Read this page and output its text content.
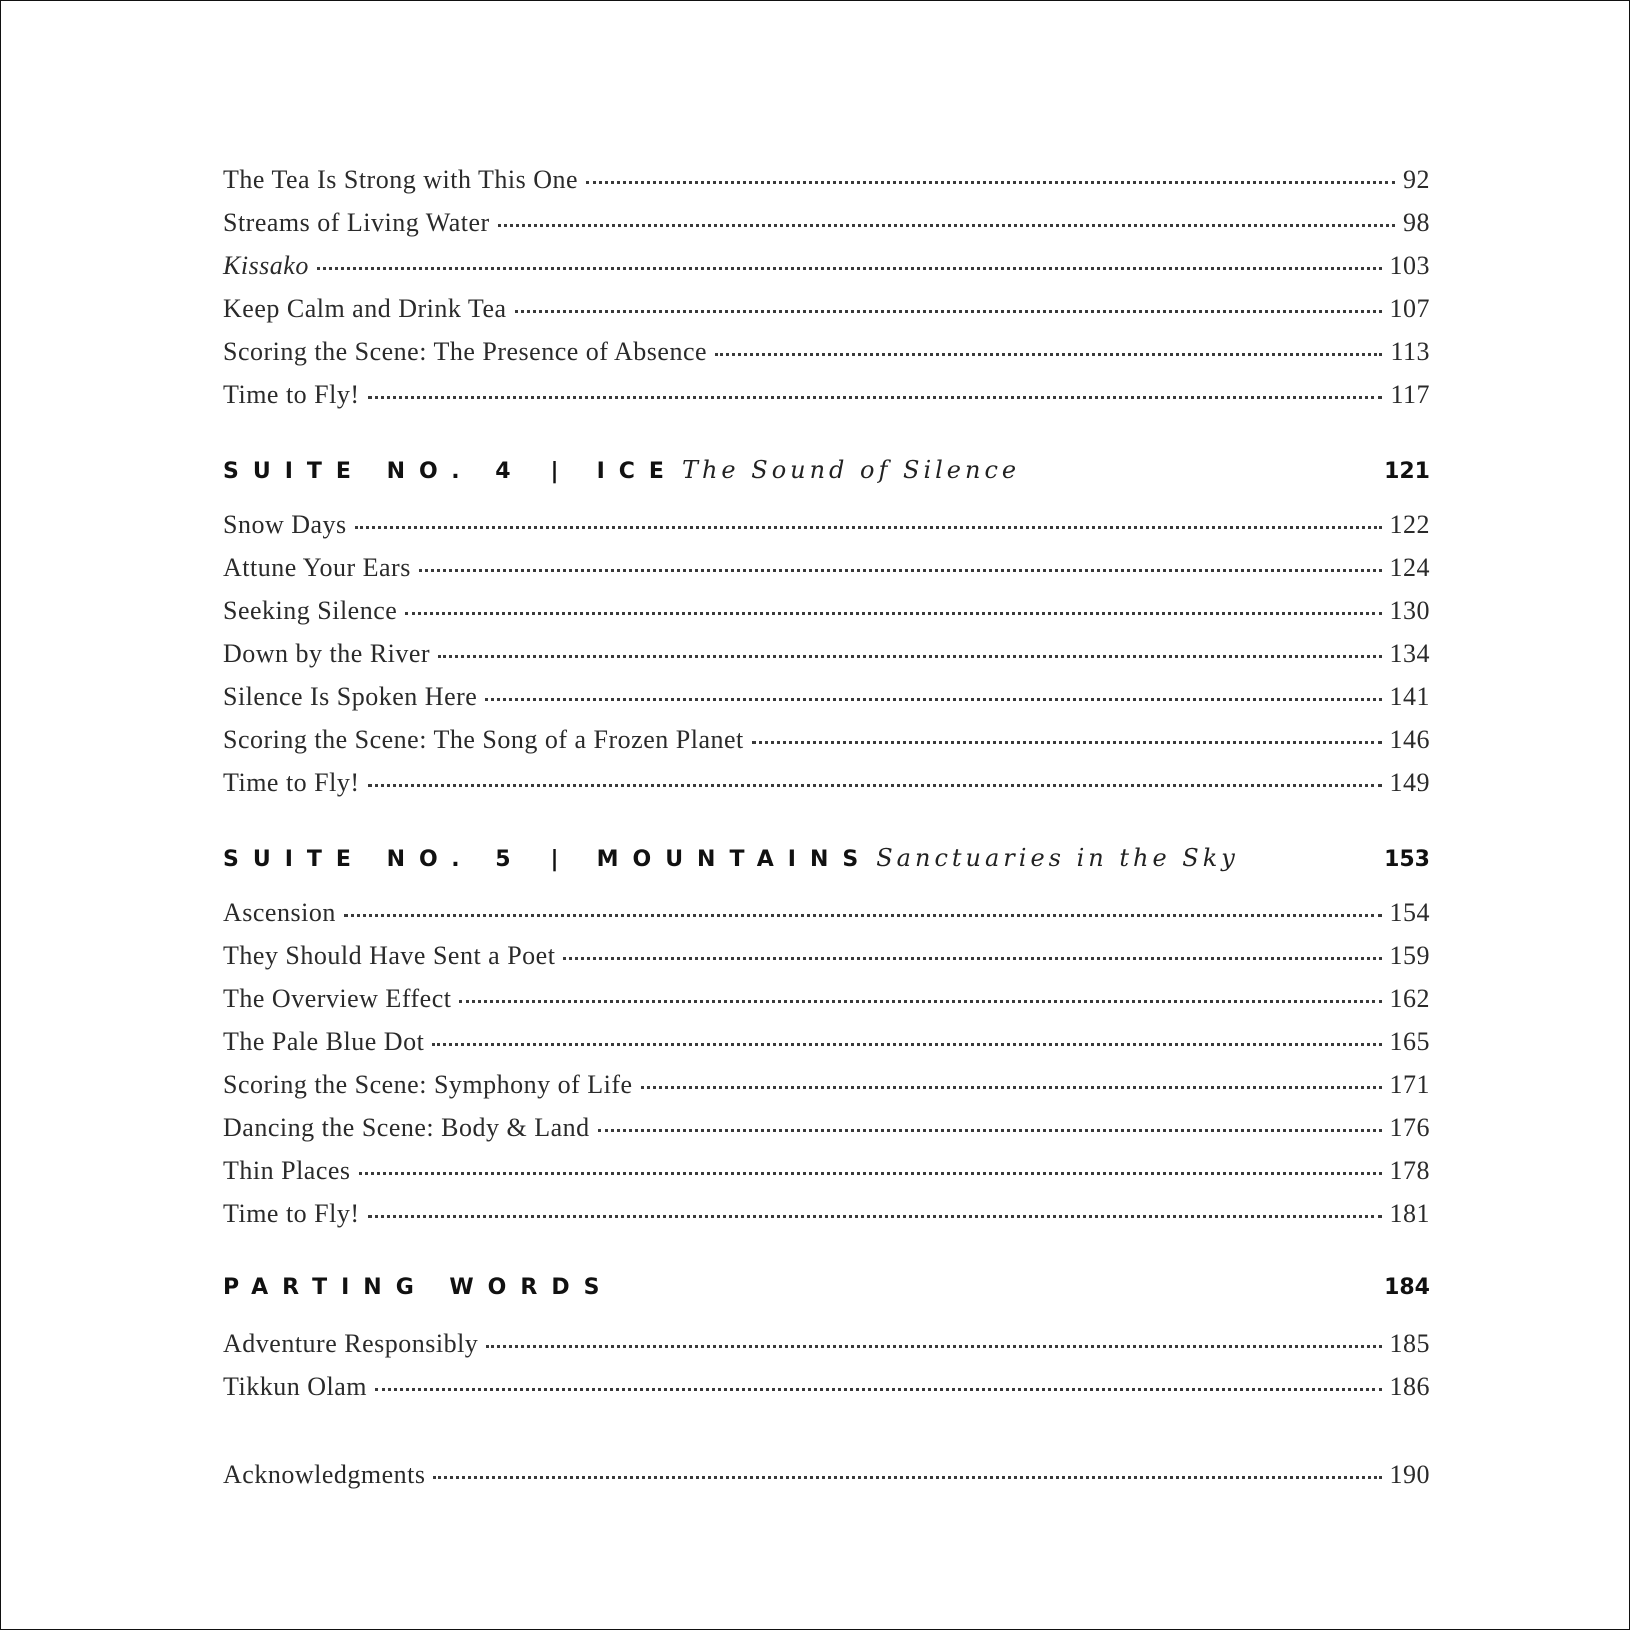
The Tea Is Strong with This One	92
Streams of Living Water	98
Kissako	103
Keep Calm and Drink Tea	107
Scoring the Scene: The Presence of Absence	113
Time to Fly!	117
SUITE NO. 4 | ICE The Sound of Silence	121
Snow Days	122
Attune Your Ears	124
Seeking Silence	130
Down by the River	134
Silence Is Spoken Here	141
Scoring the Scene: The Song of a Frozen Planet	146
Time to Fly!	149
SUITE NO. 5 | MOUNTAINS Sanctuaries in the Sky	153
Ascension	154
They Should Have Sent a Poet	159
The Overview Effect	162
The Pale Blue Dot	165
Scoring the Scene: Symphony of Life	171
Dancing the Scene: Body & Land	176
Thin Places	178
Time to Fly!	181
PARTING WORDS	184
Adventure Responsibly	185
Tikkun Olam	186
Acknowledgments	190
